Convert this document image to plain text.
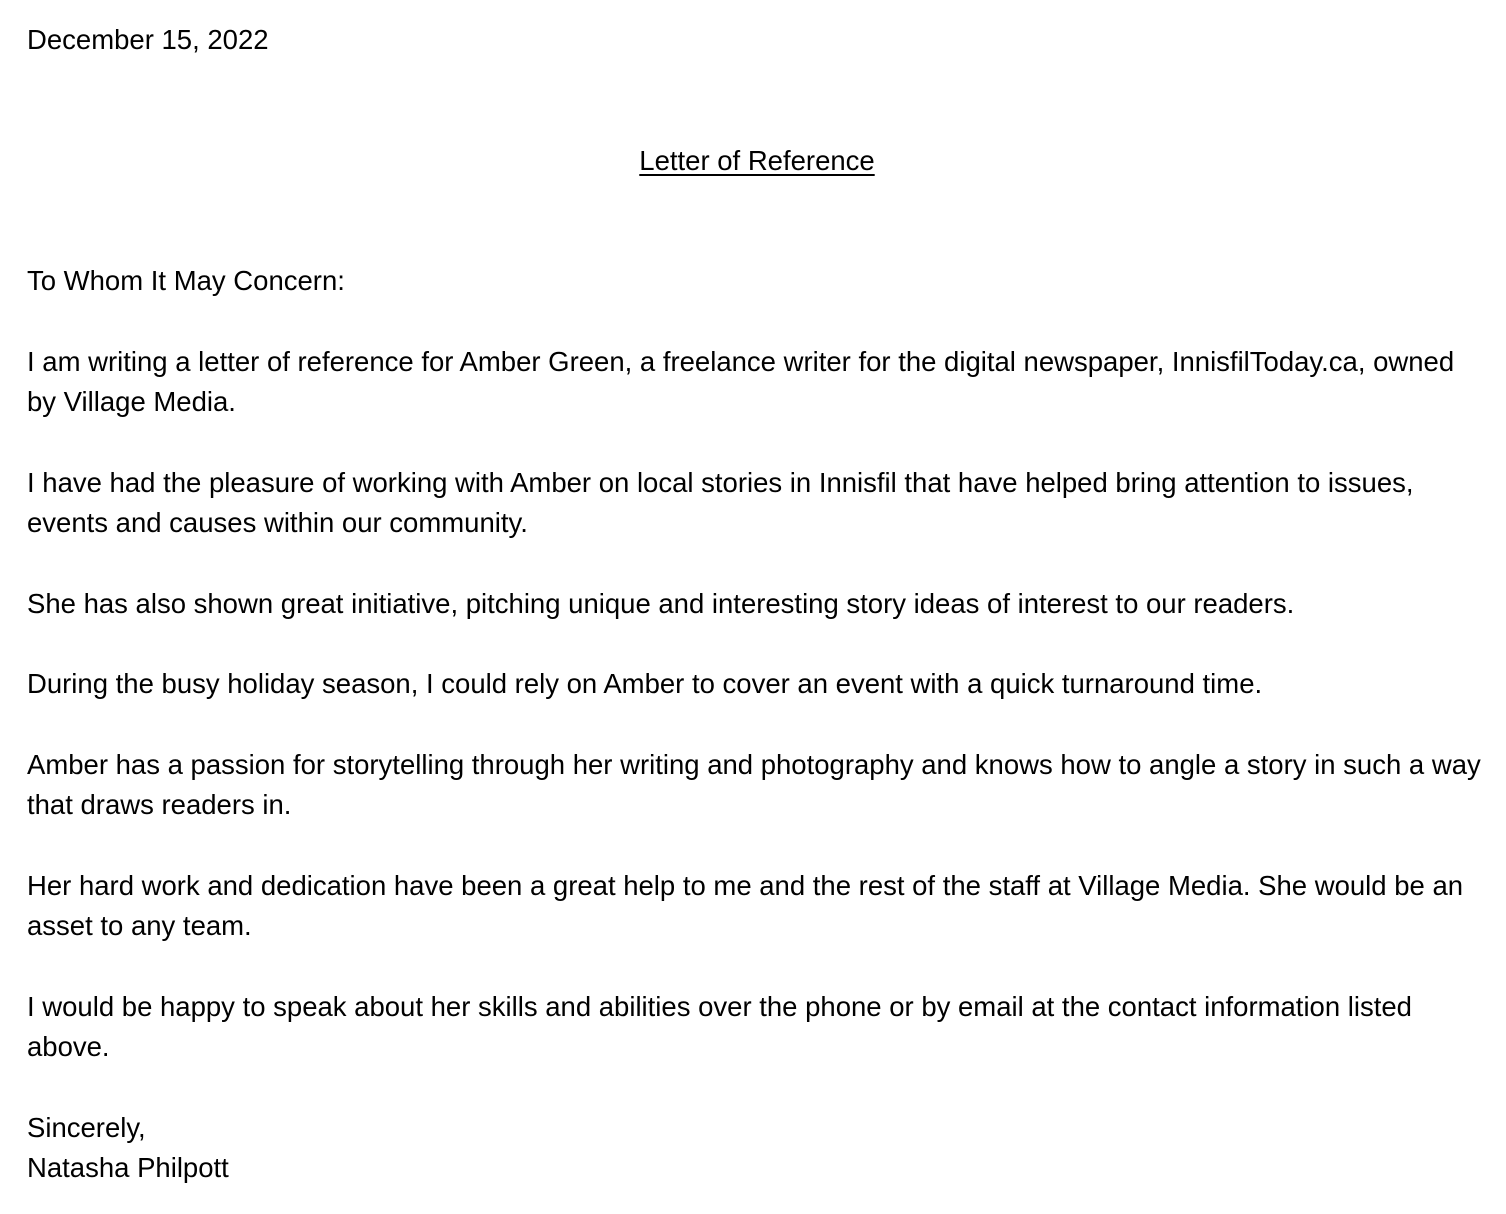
December 15, 2022

Letter of Reference

To Whom It May Concern:

I am writing a letter of reference for Amber Green, a freelance writer for the digital newspaper, InnisfilToday.ca, owned by Village Media.

I have had the pleasure of working with Amber on local stories in Innisfil that have helped bring attention to issues, events and causes within our community.

She has also shown great initiative, pitching unique and interesting story ideas of interest to our readers.

During the busy holiday season, I could rely on Amber to cover an event with a quick turnaround time.

Amber has a passion for storytelling through her writing and photography and knows how to angle a story in such a way that draws readers in.

Her hard work and dedication have been a great help to me and the rest of the staff at Village Media. She would be an asset to any team.

I would be happy to speak about her skills and abilities over the phone or by email at the contact information listed above.

Sincerely,
Natasha Philpott
